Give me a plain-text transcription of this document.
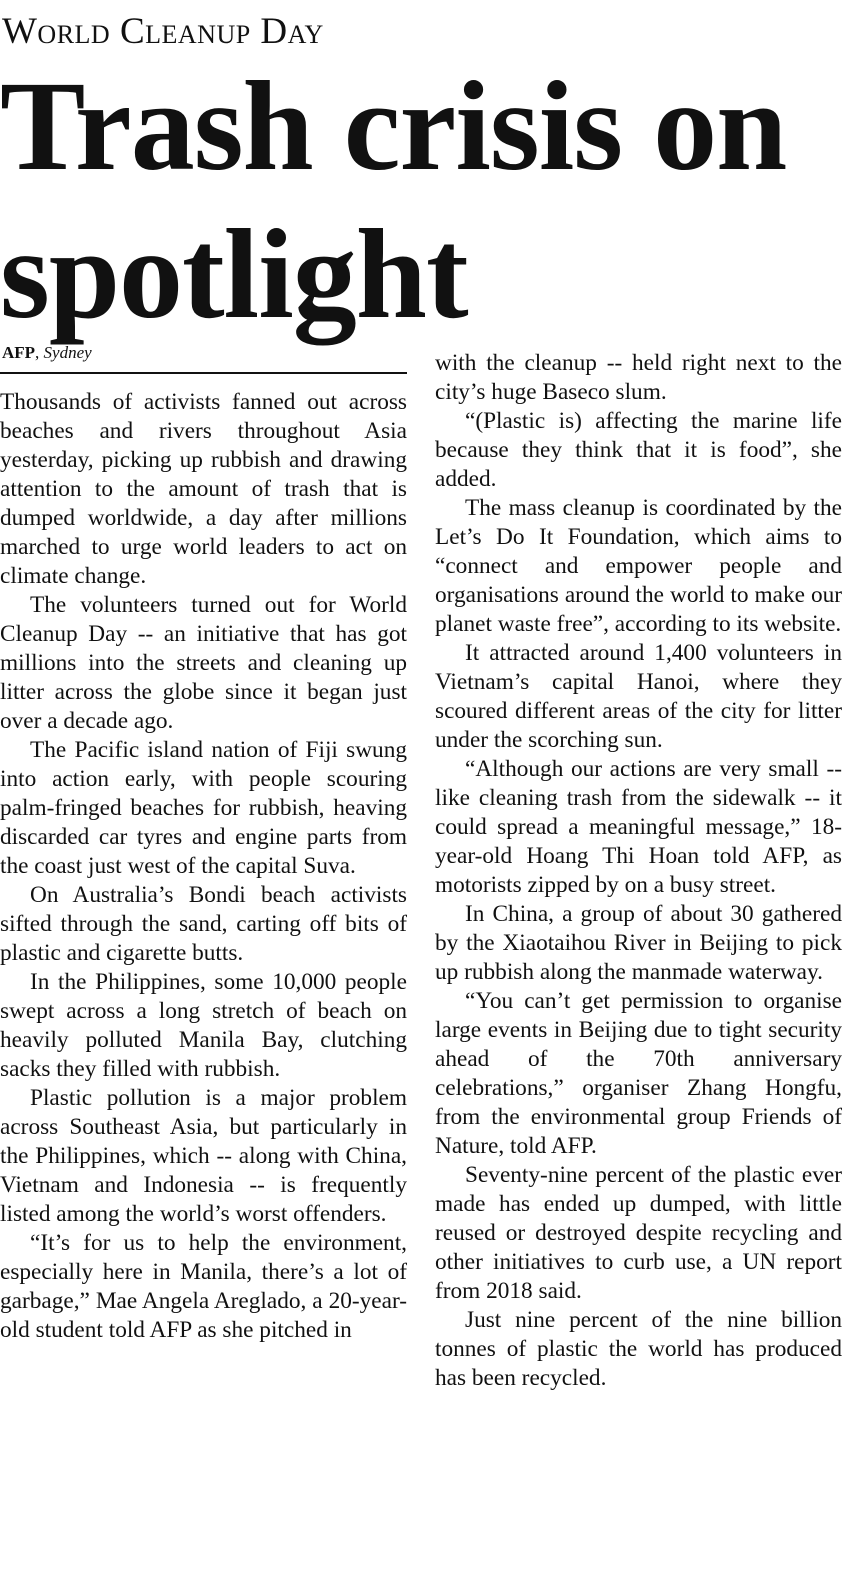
World Cleanup Day
Trash crisis on spotlight
AFP, Sydney

Thousands of activists fanned out across beaches and rivers throughout Asia yesterday, picking up rubbish and drawing attention to the amount of trash that is dumped worldwide, a day after millions marched to urge world leaders to act on climate change.

The volunteers turned out for World Cleanup Day -- an initiative that has got millions into the streets and cleaning up litter across the globe since it began just over a decade ago.

The Pacific island nation of Fiji swung into action early, with people scouring palm-fringed beaches for rubbish, heaving discarded car tyres and engine parts from the coast just west of the capital Suva.

On Australia’s Bondi beach activists sifted through the sand, carting off bits of plastic and cigarette butts.

In the Philippines, some 10,000 people swept across a long stretch of beach on heavily polluted Manila Bay, clutching sacks they filled with rubbish.

Plastic pollution is a major problem across Southeast Asia, but particularly in the Philippines, which -- along with China, Vietnam and Indonesia -- is frequently listed among the world’s worst offenders.

“It’s for us to help the environment, especially here in Manila, there’s a lot of garbage,” Mae Angela Areglado, a 20-year-old student told AFP as she pitched in

with the cleanup -- held right next to the city’s huge Baseco slum.

“(Plastic is) affecting the marine life because they think that it is food”, she added.

The mass cleanup is coordinated by the Let’s Do It Foundation, which aims to “connect and empower people and organisations around the world to make our planet waste free”, according to its website.

It attracted around 1,400 volunteers in Vietnam’s capital Hanoi, where they scoured different areas of the city for litter under the scorching sun.

“Although our actions are very small -- like cleaning trash from the sidewalk -- it could spread a meaningful message,” 18-year-old Hoang Thi Hoan told AFP, as motorists zipped by on a busy street.

In China, a group of about 30 gathered by the Xiaotaihou River in Beijing to pick up rubbish along the manmade waterway.

“You can’t get permission to organise large events in Beijing due to tight security ahead of the 70th anniversary celebrations,” organiser Zhang Hongfu, from the environmental group Friends of Nature, told AFP.

Seventy-nine percent of the plastic ever made has ended up dumped, with little reused or destroyed despite recycling and other initiatives to curb use, a UN report from 2018 said.

Just nine percent of the nine billion tonnes of plastic the world has produced has been recycled.
